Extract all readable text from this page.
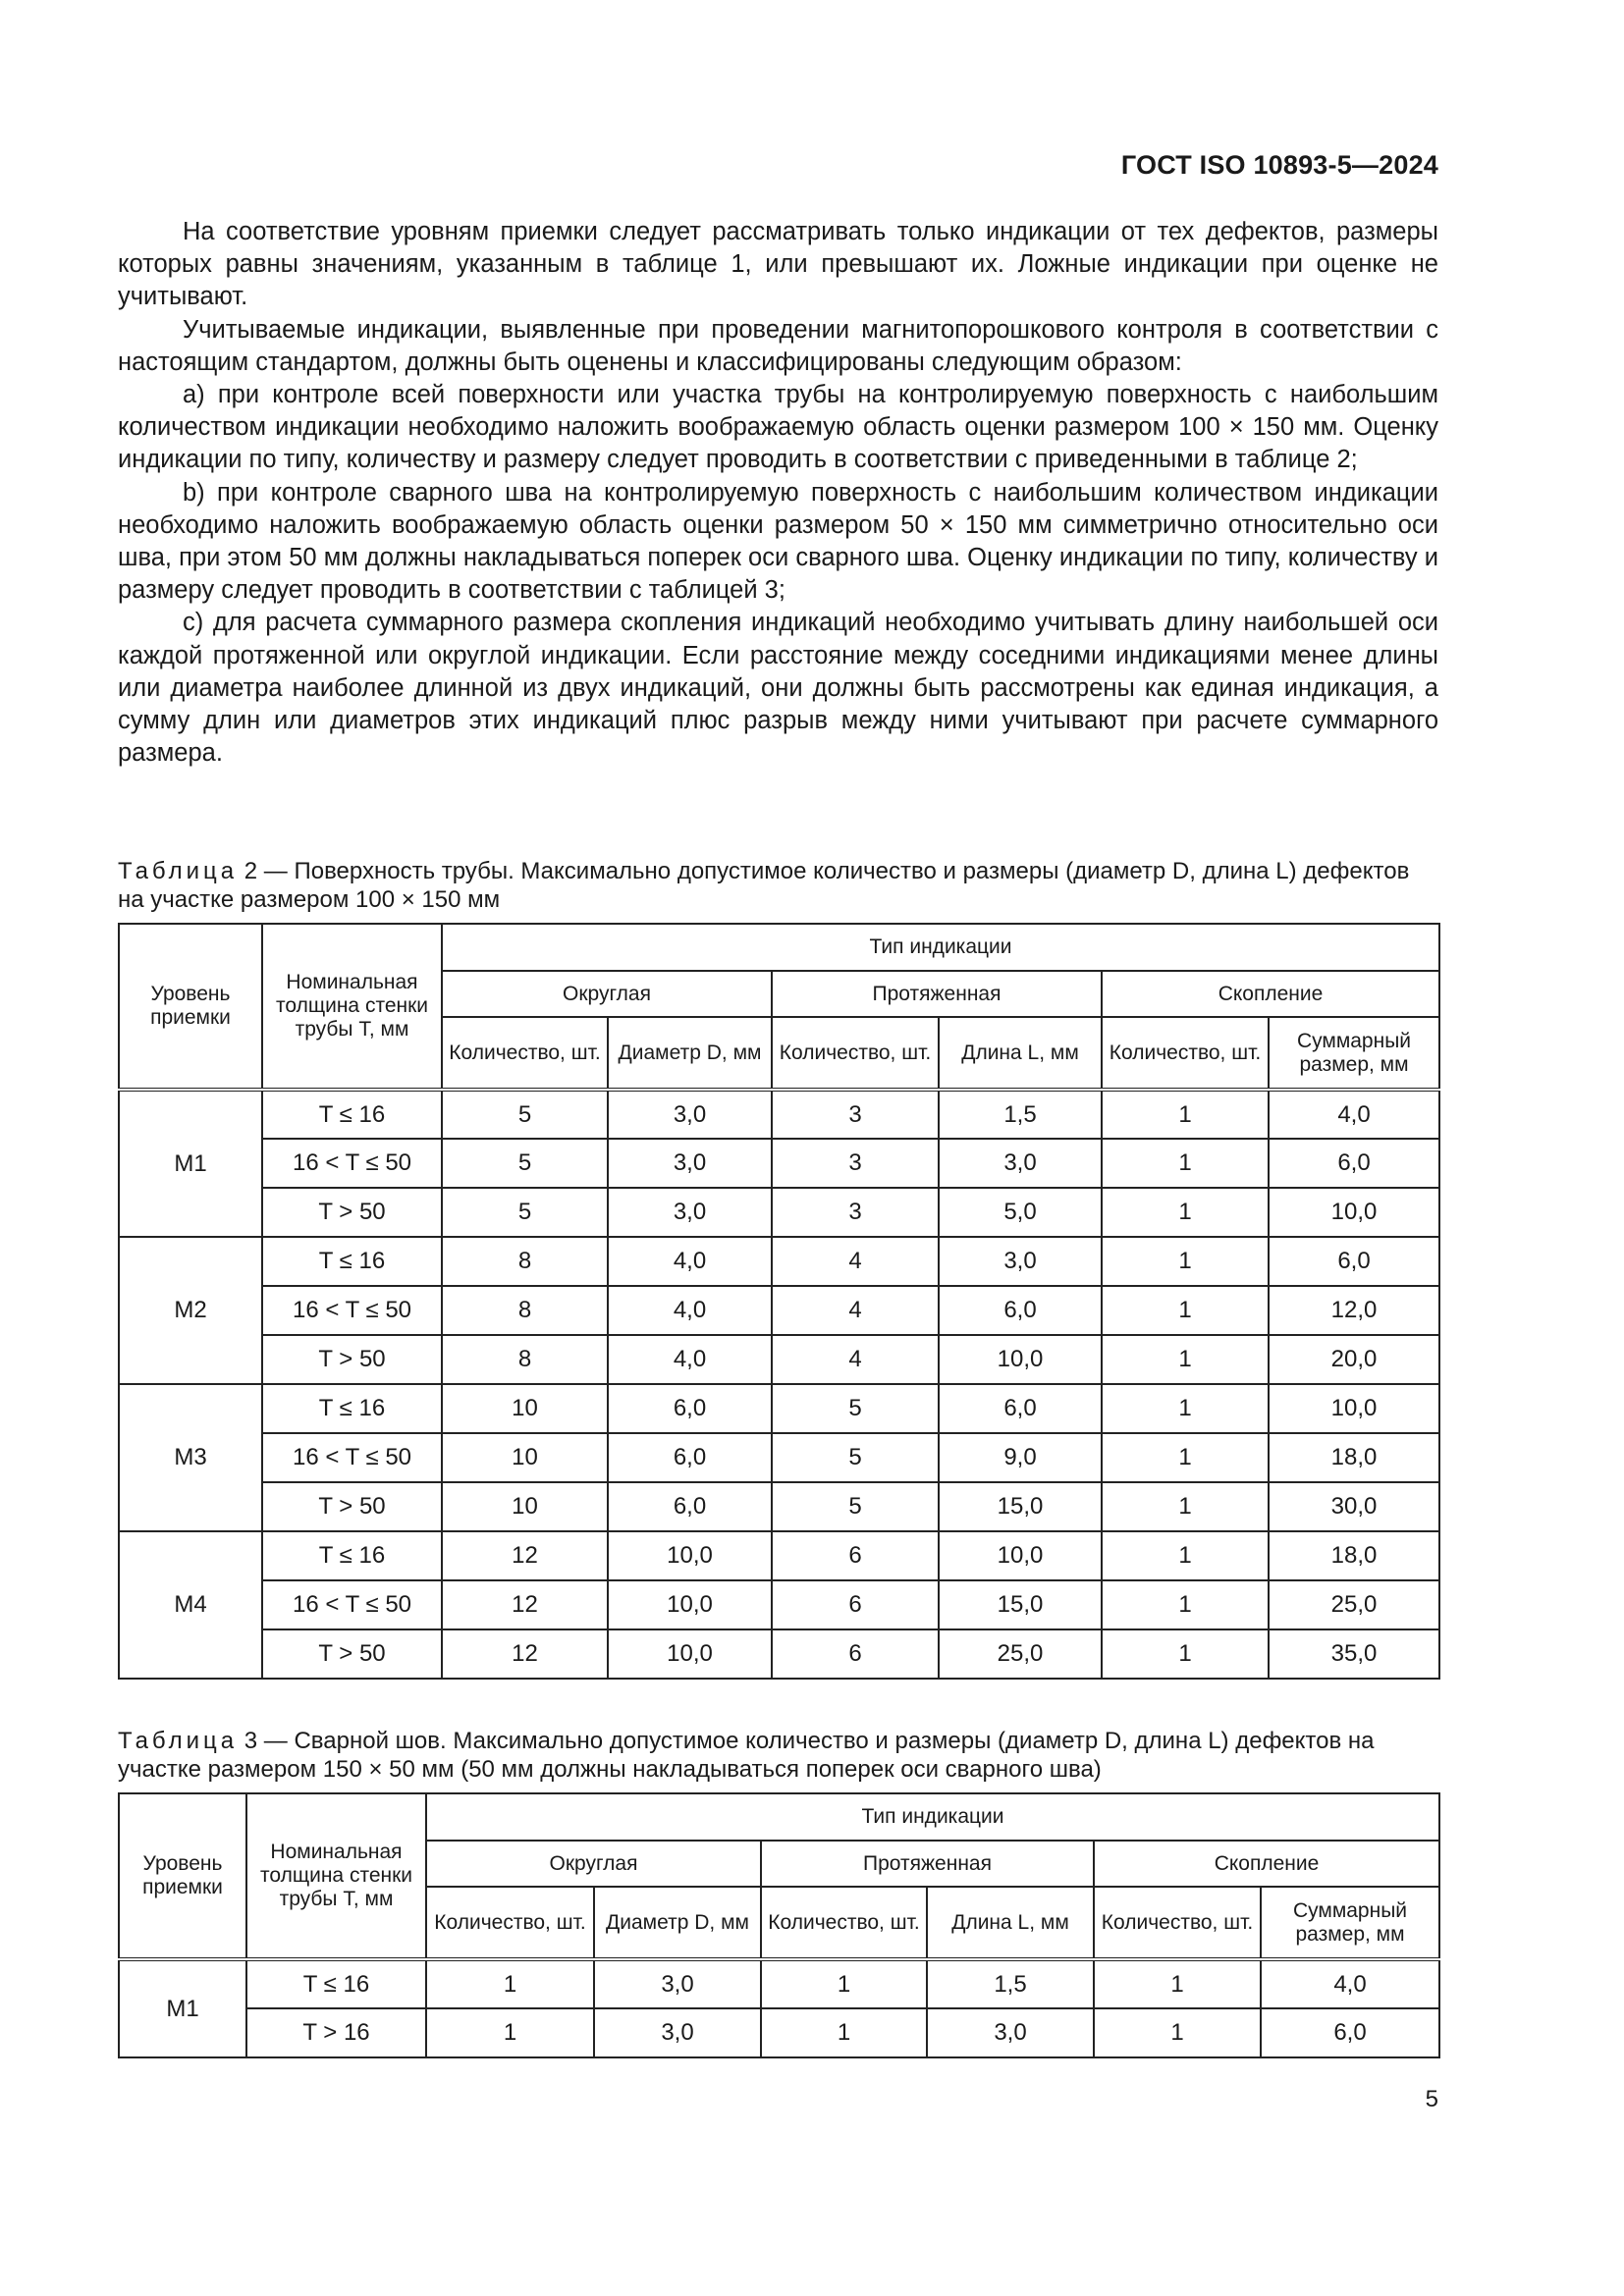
ГОСТ ISO 10893-5—2024

На соответствие уровням приемки следует рассматривать только индикации от тех дефектов, размеры которых равны значениям, указанным в таблице 1, или превышают их. Ложные индикации при оценке не учитывают.

Учитываемые индикации, выявленные при проведении магнитопорошкового контроля в соответствии с настоящим стандартом, должны быть оценены и классифицированы следующим образом:

a) при контроле всей поверхности или участка трубы на контролируемую поверхность с наибольшим количеством индикации необходимо наложить воображаемую область оценки размером 100 × 150 мм. Оценку индикации по типу, количеству и размеру следует проводить в соответствии с приведенными в таблице 2;

b) при контроле сварного шва на контролируемую поверхность с наибольшим количеством индикации необходимо наложить воображаемую область оценки размером 50 × 150 мм симметрично относительно оси шва, при этом 50 мм должны накладываться поперек оси сварного шва. Оценку индикации по типу, количеству и размеру следует проводить в соответствии с таблицей 3;

c) для расчета суммарного размера скопления индикаций необходимо учитывать длину наибольшей оси каждой протяженной или округлой индикации. Если расстояние между соседними индикациями менее длины или диаметра наиболее длинной из двух индикаций, они должны быть рассмотрены как единая индикация, а сумму длин или диаметров этих индикаций плюс разрыв между ними учитывают при расчете суммарного размера.

Таблица 2 — Поверхность трубы. Максимально допустимое количество и размеры (диаметр D, длина L) дефектов на участке размером 100 × 150 мм

Уровень приемки	Номинальная толщина стенки трубы T, мм	Тип индикации					
		Округлая		Протяженная		Скопление	
		Количество, шт.	Диаметр D, мм	Количество, шт.	Длина L, мм	Количество, шт.	Суммарный размер, мм
M1	T ≤ 16	5	3,0	3	1,5	1	4,0
	16 < T ≤ 50	5	3,0	3	3,0	1	6,0
	T > 50	5	3,0	3	5,0	1	10,0
M2	T ≤ 16	8	4,0	4	3,0	1	6,0
	16 < T ≤ 50	8	4,0	4	6,0	1	12,0
	T > 50	8	4,0	4	10,0	1	20,0
M3	T ≤ 16	10	6,0	5	6,0	1	10,0
	16 < T ≤ 50	10	6,0	5	9,0	1	18,0
	T > 50	10	6,0	5	15,0	1	30,0
M4	T ≤ 16	12	10,0	6	10,0	1	18,0
	16 < T ≤ 50	12	10,0	6	15,0	1	25,0
	T > 50	12	10,0	6	25,0	1	35,0

Таблица 3 — Сварной шов. Максимально допустимое количество и размеры (диаметр D, длина L) дефектов на участке размером 150 × 50 мм (50 мм должны накладываться поперек оси сварного шва)

Уровень приемки	Номинальная толщина стенки трубы T, мм	Тип индикации					
		Округлая		Протяженная		Скопление	
		Количество, шт.	Диаметр D, мм	Количество, шт.	Длина L, мм	Количество, шт.	Суммарный размер, мм
M1	T ≤ 16	1	3,0	1	1,5	1	4,0
	T > 16	1	3,0	1	3,0	1	6,0
5
